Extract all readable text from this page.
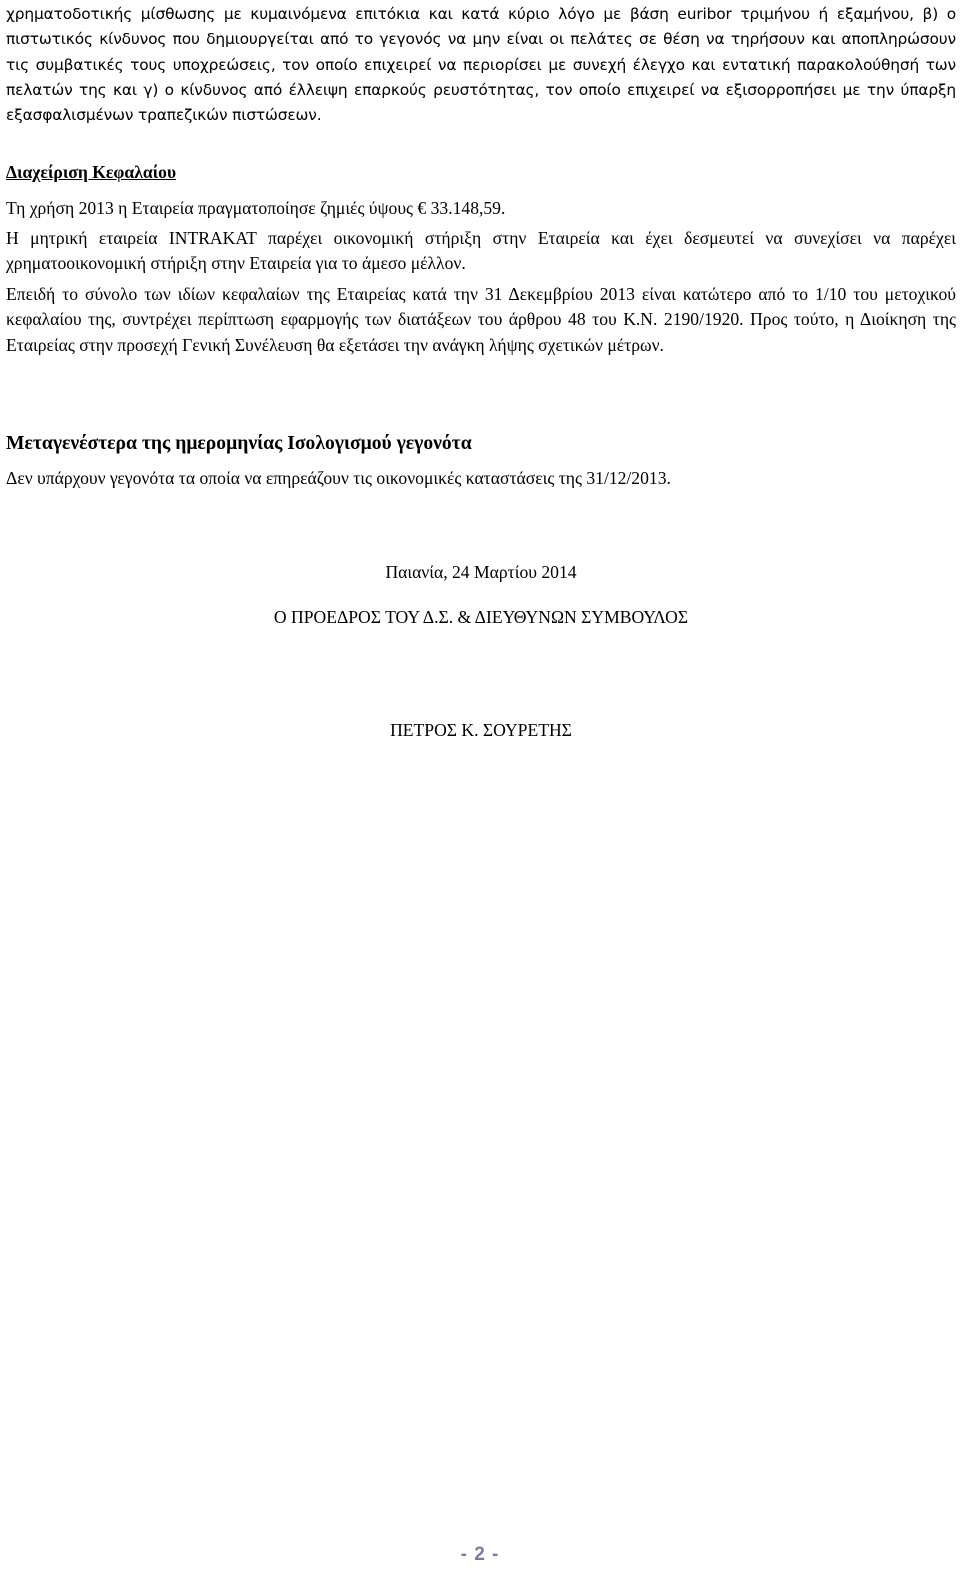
χρηματοδοτικής μίσθωσης με κυμαινόμενα επιτόκια και κατά κύριο λόγο με βάση euribor τριμήνου ή εξαμήνου, β) ο πιστωτικός κίνδυνος που δημιουργείται από το γεγονός να μην είναι οι πελάτες σε θέση να τηρήσουν και αποπληρώσουν τις συμβατικές τους υποχρεώσεις, τον οποίο επιχειρεί να περιορίσει με συνεχή έλεγχο και εντατική παρακολούθησή των πελατών της και γ) ο κίνδυνος από έλλειψη επαρκούς ρευστότητας, τον οποίο επιχειρεί να εξισορροπήσει με την ύπαρξη εξασφαλισμένων τραπεζικών πιστώσεων.
Διαχείριση Κεφαλαίου
Τη χρήση 2013 η Εταιρεία πραγματοποίησε ζημιές ύψους € 33.148,59.
Η μητρική εταιρεία INTRAKAT παρέχει οικονομική στήριξη στην Εταιρεία και έχει δεσμευτεί να συνεχίσει να παρέχει χρηματοοικονομική στήριξη στην Εταιρεία για το άμεσο μέλλον.
Επειδή το σύνολο των ιδίων κεφαλαίων της Εταιρείας κατά την 31 Δεκεμβρίου 2013 είναι κατώτερο από το 1/10 του μετοχικού κεφαλαίου της, συντρέχει περίπτωση εφαρμογής των διατάξεων του άρθρου 48 του Κ.Ν. 2190/1920. Προς τούτο, η Διοίκηση της Εταιρείας στην προσεχή Γενική Συνέλευση θα εξετάσει την ανάγκη λήψης σχετικών μέτρων.
Μεταγενέστερα της ημερομηνίας Ισολογισμού γεγονότα
Δεν υπάρχουν γεγονότα τα οποία να επηρεάζουν τις οικονομικές καταστάσεις της 31/12/2013.
Παιανία, 24 Μαρτίου 2014
Ο ΠΡΟΕΔΡΟΣ ΤΟΥ Δ.Σ. & ΔΙΕΥΘΥΝΩΝ ΣΥΜΒΟΥΛΟΣ
ΠΕΤΡΟΣ Κ. ΣΟΥΡΕΤΗΣ
- 2 -
